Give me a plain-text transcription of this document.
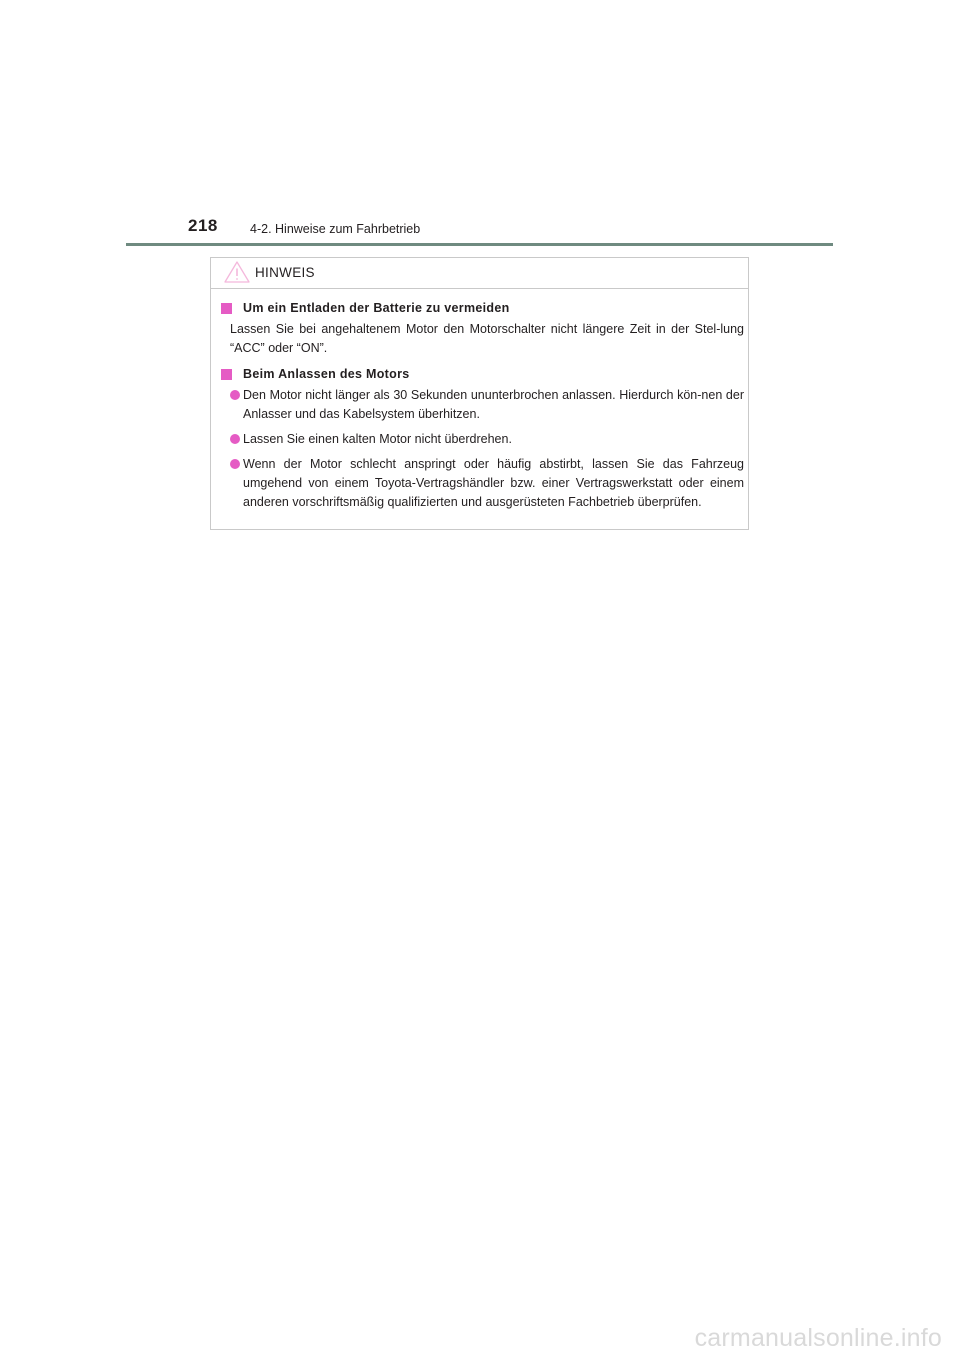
218	4-2. Hinweise zum Fahrbetrieb
HINWEIS

Um ein Entladen der Batterie zu vermeiden

Lassen Sie bei angehaltenem Motor den Motorschalter nicht längere Zeit in der Stel-lung “ACC” oder “ON”.

Beim Anlassen des Motors

Den Motor nicht länger als 30 Sekunden ununterbrochen anlassen. Hierdurch kön-nen der Anlasser und das Kabelsystem überhitzen.
Lassen Sie einen kalten Motor nicht überdrehen.
Wenn der Motor schlecht anspringt oder häufig abstirbt, lassen Sie das Fahrzeug umgehend von einem Toyota-Vertragshändler bzw. einer Vertragswerkstatt oder einem anderen vorschriftsmäßig qualifizierten und ausgerüsteten Fachbetrieb überprüfen.
carmanualsonline.info
